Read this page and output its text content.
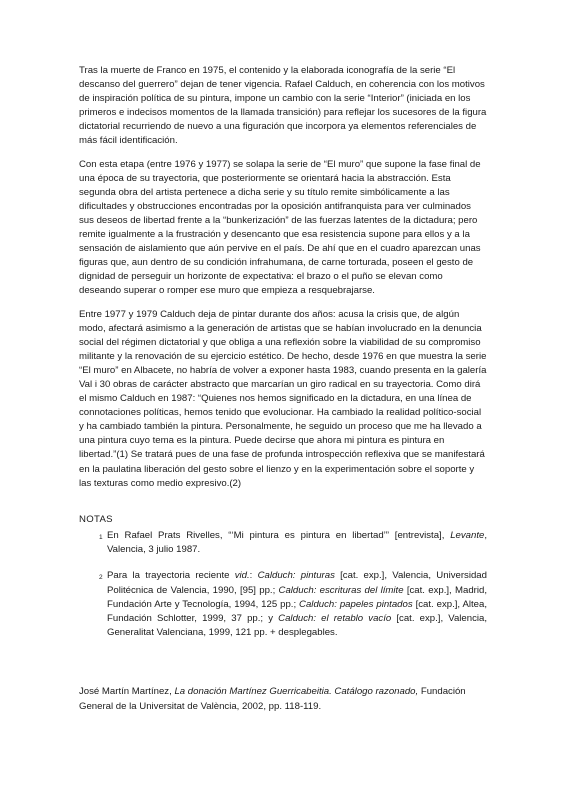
Tras la muerte de Franco en 1975, el contenido y la elaborada iconografía de la serie “El descanso del guerrero” dejan de tener vigencia. Rafael Calduch, en coherencia con los motivos de inspiración política de su pintura, impone un cambio con la serie “Interior” (iniciada en los primeros e indecisos momentos de la llamada transición) para reflejar los sucesores de la figura dictatorial recurriendo de nuevo a una figuración que incorpora ya elementos referenciales de más fácil identificación.

Con esta etapa (entre 1976 y 1977) se solapa la serie de “El muro” que supone la fase final de una época de su trayectoria, que posteriormente se orientará hacia la abstracción. Esta segunda obra del artista pertenece a dicha serie y su título remite simbólicamente a las dificultades y obstrucciones encontradas por la oposición antifranquista para ver culminados sus deseos de libertad frente a la “bunkerización” de las fuerzas latentes de la dictadura; pero remite igualmente a la frustración y desencanto que esa resistencia supone para ellos y a la sensación de aislamiento que aún pervive en el país. De ahí que en el cuadro aparezcan unas figuras que, aun dentro de su condición infrahumana, de carne torturada, poseen el gesto de dignidad de perseguir un horizonte de expectativa: el brazo o el puño se elevan como deseando superar o romper ese muro que empieza a resquebrajarse.

Entre 1977 y 1979 Calduch deja de pintar durante dos años: acusa la crisis que, de algún modo, afectará asimismo a la generación de artistas que se habían involucrado en la denuncia social del régimen dictatorial y que obliga a una reflexión sobre la viabilidad de su compromiso militante y la renovación de su ejercicio estético. De hecho, desde 1976 en que muestra la serie “El muro” en Albacete, no habría de volver a exponer hasta 1983, cuando presenta en la galería Val i 30 obras de carácter abstracto que marcarían un giro radical en su trayectoria. Como dirá el mismo Calduch en 1987: “Quienes nos hemos significado en la dictadura, en una línea de connotaciones políticas, hemos tenido que evolucionar. Ha cambiado la realidad político-social y ha cambiado también la pintura. Personalmente, he seguido un proceso que me ha llevado a una pintura cuyo tema es la pintura. Puede decirse que ahora mi pintura es pintura en libertad.”(1) Se tratará pues de una fase de profunda introspección reflexiva que se manifestará en la paulatina liberación del gesto sobre el lienzo y en la experimentación sobre el soporte y las texturas como medio expresivo.(2)

NOTAS
1 En Rafael Prats Rivelles, “‘Mi pintura es pintura en libertad’” [entrevista], Levante, Valencia, 3 julio 1987.
2 Para la trayectoria reciente vid.: Calduch: pinturas [cat. exp.], Valencia, Universidad Politécnica de Valencia, 1990, [95] pp.; Calduch: escrituras del límite [cat. exp.], Madrid, Fundación Arte y Tecnología, 1994, 125 pp.; Calduch: papeles pintados [cat. exp.], Altea, Fundación Schlotter, 1999, 37 pp.; y Calduch: el retablo vacío [cat. exp.], Valencia, Generalitat Valenciana, 1999, 121 pp. + desplegables.
José Martín Martínez, La donación Martínez Guerricabeitia. Catálogo razonado, Fundación General de la Universitat de València, 2002, pp. 118-119.
